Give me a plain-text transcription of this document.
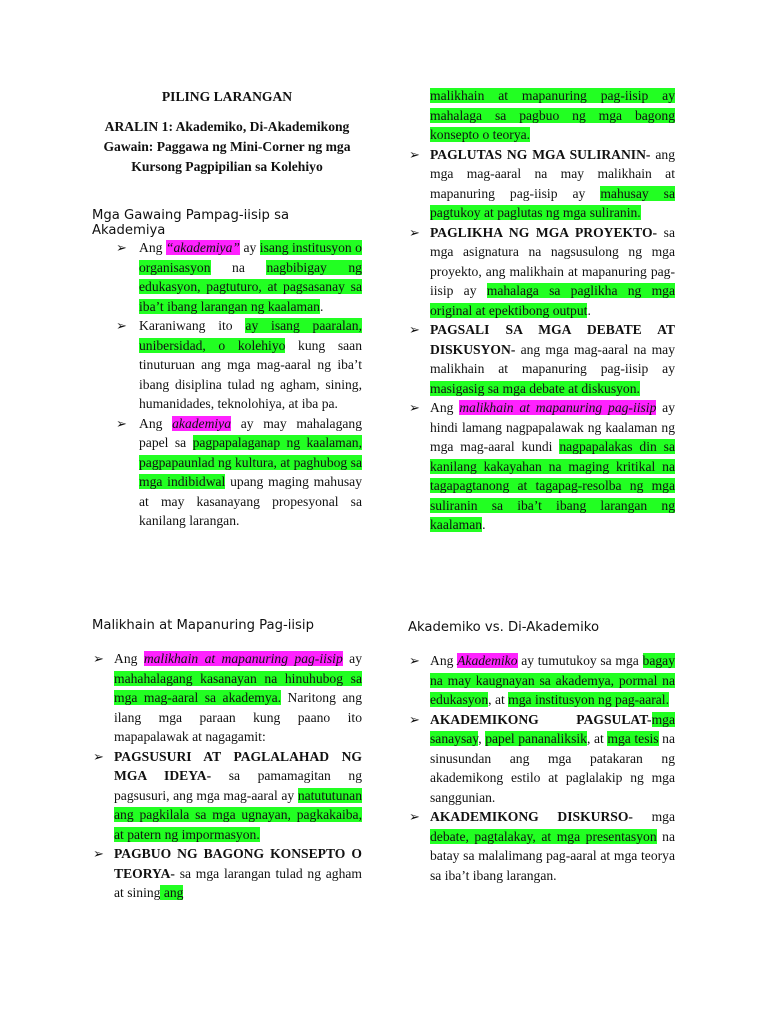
PILING LARANGAN

ARALIN 1: Akademiko, Di-Akademikong Gawain: Paggawa ng Mini-Corner ng mga Kursong Pagpipilian sa Kolehiyo

Mga Gawaing Pampag-iisip sa Akademiya

➢ Ang “akademiya” ay isang institusyon o organisasyon na nagbibigay ng edukasyon, pagtuturo, at pagsasanay sa iba’t ibang larangan ng kaalaman.
➢ Karaniwang ito ay isang paaralan, unibersidad, o kolehiyo kung saan tinuturuan ang mga mag-aaral ng iba’t ibang disiplina tulad ng agham, sining, humanidades, teknolohiya, at iba pa.
➢ Ang akademiya ay may mahalagang papel sa pagpapalaganap ng kaalaman, pagpapaunlad ng kultura, at paghubog sa mga indibidwal upang maging mahusay at may kasanayang propesyonal sa kanilang larangan.

Malikhain at Mapanuring Pag-iisip

➢ Ang malikhain at mapanuring pag-iisip ay mahahalagang kasanayan na hinuhubog sa mga mag-aaral sa akademya. Naritong ang ilang mga paraan kung paano ito mapapalawak at nagagamit:
➢ PAGSUSURI AT PAGLALAHAD NG MGA IDEYA- sa pamamagitan ng pagsusuri, ang mga mag-aaral ay natututunan ang pagkilala sa mga ugnayan, pagkakaiba, at patern ng impormasyon.
➢ PAGBUO NG BAGONG KONSEPTO O TEORYA- sa mga larangan tulad ng agham at sining ang
malikhain at mapanuring pag-iisip ay mahalaga sa pagbuo ng mga bagong konsepto o teorya.
➢ PAGLUTAS NG MGA SULIRANIN- ang mga mag-aaral na may malikhain at mapanuring pag-iisip ay mahusay sa pagtukoy at paglutas ng mga suliranin.
➢ PAGLIKHA NG MGA PROYEKTO- sa mga asignatura na nagsusulong ng mga proyekto, ang malikhain at mapanuring pag-iisip ay mahalaga sa paglikha ng mga original at epektibong output.
➢ PAGSALI SA MGA DEBATE AT DISKUSYON- ang mga mag-aaral na may malikhain at mapanuring pag-iisip ay masigasig sa mga debate at diskusyon.
➢ Ang malikhain at mapanuring pag-iisip ay hindi lamang nagpapalawak ng kaalaman ng mga mag-aaral kundi nagpapalakas din sa kanilang kakayahan na maging kritikal na tagapagtanong at tagapag-resolba ng mga suliranin sa iba’t ibang larangan ng kaalaman.

Akademiko vs. Di-Akademiko

➢ Ang Akademiko ay tumutukoy sa mga bagay na may kaugnayan sa akademya, pormal na edukasyon, at mga institusyon ng pag-aaral.
➢ AKADEMIKONG PAGSULAT-mga sanaysay, papel pananaliksik, at mga tesis na sinusundan ang mga patakaran ng akademikong estilo at paglalakip ng mga sanggunian.
➢ AKADEMIKONG DISKURSO- mga debate, pagtalakay, at mga presentasyon na batay sa malalimang pag-aaral at mga teorya sa iba’t ibang larangan.
